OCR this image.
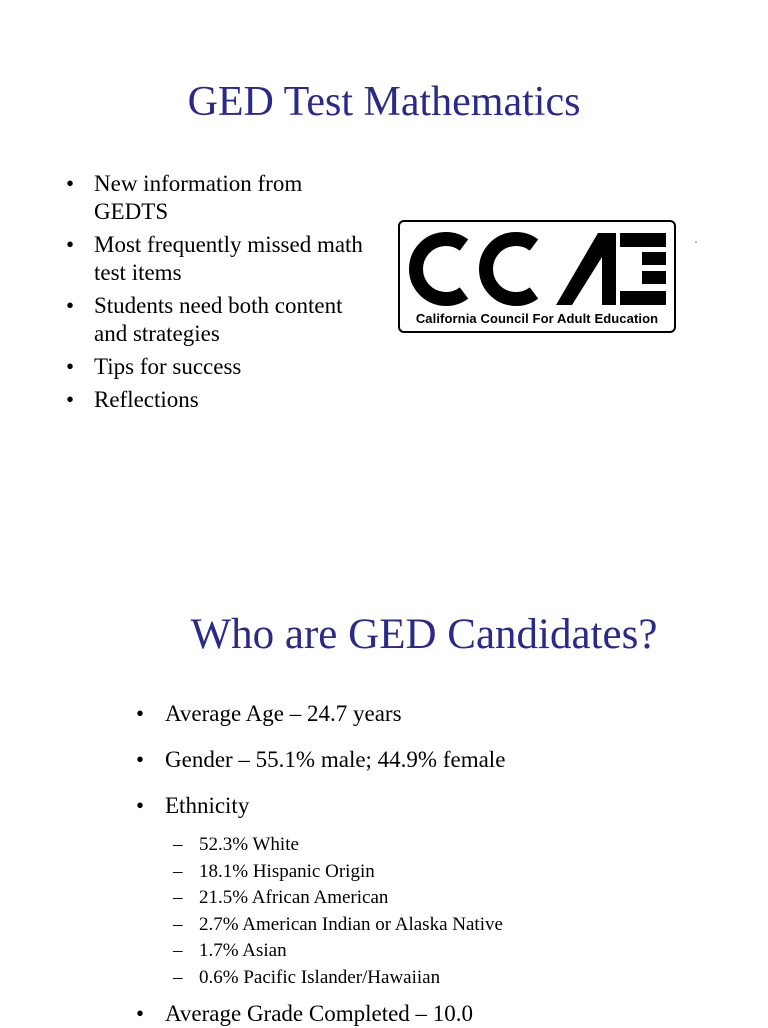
GED Test Mathematics
• New information from GEDTS
• Most frequently missed math test items
• Students need both content and strategies
• Tips for success
• Reflections
California Council For Adult Education
Who are GED Candidates?
• Average Age – 24.7 years
• Gender – 55.1% male; 44.9% female
• Ethnicity
– 52.3% White
– 18.1% Hispanic Origin
– 21.5% African American
– 2.7% American Indian or Alaska Native
– 1.7% Asian
– 0.6% Pacific Islander/Hawaiian
• Average Grade Completed – 10.0
